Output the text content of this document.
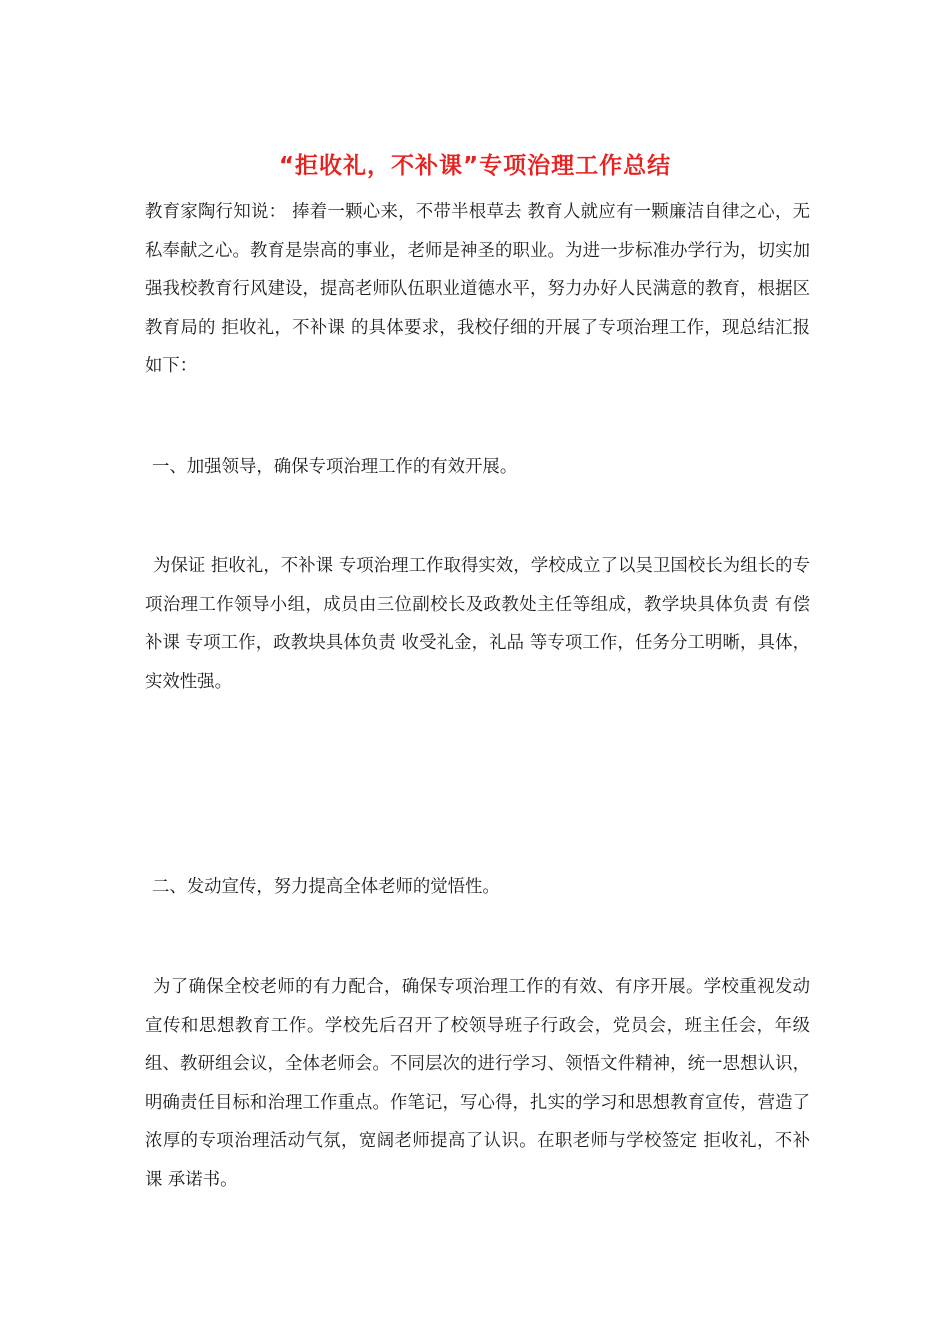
“拒收礼，不补课”专项治理工作总结

教育家陶行知说： 捧着一颗心来，不带半根草去 教育人就应有一颗廉洁自律之心，无私奉献之心。教育是崇高的事业，老师是神圣的职业。为进一步标准办学行为，切实加强我校教育行风建设，提高老师队伍职业道德水平，努力办好人民满意的教育，根据区教育局的 拒收礼，不补课 的具体要求，我校仔细的开展了专项治理工作，现总结汇报如下：

一、加强领导，确保专项治理工作的有效开展。

为保证 拒收礼，不补课 专项治理工作取得实效，学校成立了以吴卫国校长为组长的专项治理工作领导小组，成员由三位副校长及政教处主任等组成，教学块具体负责 有偿补课 专项工作，政教块具体负责 收受礼金，礼品 等专项工作，任务分工明晰，具体，实效性强。

二、发动宣传，努力提高全体老师的觉悟性。

为了确保全校老师的有力配合，确保专项治理工作的有效、有序开展。学校重视发动宣传和思想教育工作。学校先后召开了校领导班子行政会，党员会，班主任会，年级组、教研组会议，全体老师会。不同层次的进行学习、领悟文件精神，统一思想认识，明确责任目标和治理工作重点。作笔记，写心得，扎实的学习和思想教育宣传，营造了浓厚的专项治理活动气氛，宽阔老师提高了认识。在职老师与学校签定 拒收礼，不补课 承诺书。
